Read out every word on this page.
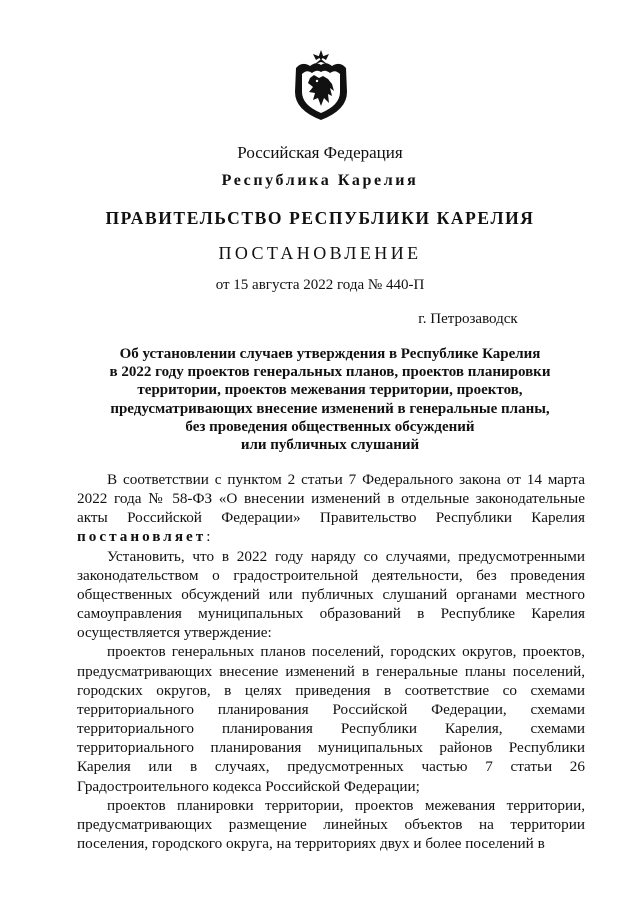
Российская Федерация
Республика Карелия
ПРАВИТЕЛЬСТВО РЕСПУБЛИКИ КАРЕЛИЯ
ПОСТАНОВЛЕНИЕ
от 15 августа 2022 года № 440-П
г. Петрозаводск
Об установлении случаев утверждения в Республике Карелия
в 2022 году проектов генеральных планов, проектов планировки
территории, проектов межевания территории, проектов,
предусматривающих внесение изменений в генеральные планы,
без проведения общественных обсуждений
или публичных слушаний

В соответствии с пунктом 2 статьи 7 Федерального закона от 14 марта 2022 года № 58-ФЗ «О внесении изменений в отдельные законодательные акты Российской Федерации» Правительство Республики Карелия постановляет:

Установить, что в 2022 году наряду со случаями, предусмотренными законодательством о градостроительной деятельности, без проведения общественных обсуждений или публичных слушаний органами местного самоуправления муниципальных образований в Республике Карелия осуществляется утверждение:

проектов генеральных планов поселений, городских округов, проектов, предусматривающих внесение изменений в генеральные планы поселений, городских округов, в целях приведения в соответствие со схемами территориального планирования Российской Федерации, схемами территориального планирования Республики Карелия, схемами территориального планирования муниципальных районов Республики Карелия или в случаях, предусмотренных частью 7 статьи 26 Градостроительного кодекса Российской Федерации;

проектов планировки территории, проектов межевания территории, предусматривающих размещение линейных объектов на территории поселения, городского округа, на территориях двух и более поселений в
